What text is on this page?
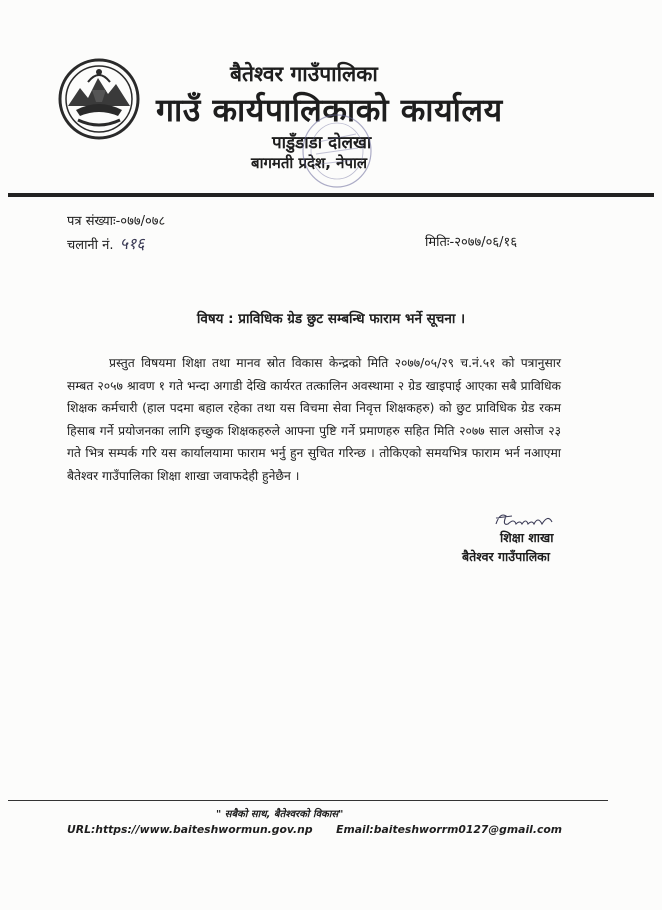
बैतेश्वर गाउँपालिका
गाउँ कार्यपालिकाको कार्यालय
पाडुँडाडा दोलखा
बागमती प्रदेश, नेपाल
पत्र संख्याः-०७७/०७८
चलानी नं. ५१६	मितिः-२०७७/०६/१६
विषय : प्राविधिक ग्रेड छुट सम्बन्धि फाराम भर्ने सूचना ।
प्रस्तुत विषयमा शिक्षा तथा मानव स्रोत विकास केन्द्रको मिति २०७७/०५/२९ च.नं.५१ को पत्रानुसार सम्बत २०५७ श्रावण १ गते भन्दा अगाडी देखि कार्यरत तत्कालिन अवस्थामा २ ग्रेड खाइपाई आएका सबै प्राविधिक शिक्षक कर्मचारी (हाल पदमा बहाल रहेका तथा यस विचमा सेवा निवृत्त शिक्षकहरु) को छुट प्राविधिक ग्रेड रकम हिसाब गर्ने प्रयोजनका लागि इच्छुक शिक्षकहरुले आफ्ना पुष्टि गर्ने प्रमाणहरु सहित मिति २०७७ साल असोज २३ गते भित्र सम्पर्क गरि यस कार्यालयामा फाराम भर्नु हुन सुचित गरिन्छ । तोकिएको समयभित्र फाराम भर्न नआएमा बैतेश्वर गाउँपालिका शिक्षा शाखा जवाफदेही हुनेछैन ।
शिक्षा शाखा
बैतेश्वर गाउँपालिका
" सबैको साथ, बैतेश्वरको विकास"
URL:https://www.baiteshwormun.gov.np Email:baiteshworrm0127@gmail.com
